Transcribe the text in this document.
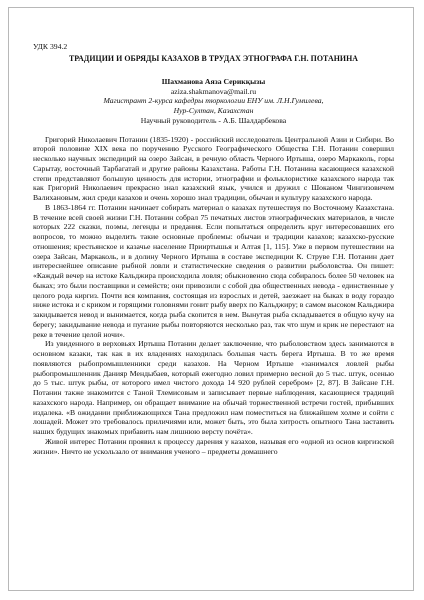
УДК 394.2
ТРАДИЦИИ И ОБРЯДЫ КАЗАХОВ В ТРУДАХ ЭТНОГРАФА Г.Н. ПОТАНИНА
Шахманова Аяза Серикқызы
aziza.shakmanova@mail.ru
Магистрант 2-курса кафедры тюркологии ЕНУ им. Л.Н.Гумилева,
Нур-Султан, Казахстан
Научный руководитель - А.Б. Шалдарбекова

Григорий Николаевич Потанин (1835-1920) - российский исследователь Центральной Азии и Сибири. Во второй половине XIX века по поручению Русского Географического Общества Г.Н. Потанин совершил несколько научных экспедиций на озеро Зайсан, в речную область Черного Иртыша, озеро Маркаколь, горы Сарытау, восточный Тарбагатай и другие районы Казахстана. Работы Г.Н. Потанина касающиеся казахской степи представляют большую ценность для истории, этнографии и фольклористике казахского народа так как Григорий Николаевич прекрасно знал казахский язык, учился и дружил с Шоканом Чингизовичем Валихановым, жил среди казахов и очень хорошо знал традиции, обычаи и культуру казахского народа.

В 1863-1864 гг. Потанин начинает собирать материал о казахах путешествуя по Восточному Казахстана. В течение всей своей жизни Г.Н. Потанин собрал 75 печатных листов этнографических материалов, в числе которых 222 сказки, поэмы, легенды и предания. Если попытаться определить круг интересовавших его вопросов, то можно выделить такие основные проблемы: обычаи и традиции казахов; казахско-русские отношения; крестьянское и казачье население Прииртышья и Алтая [1, 115]. Уже в первом путешествии на озера Зайсан, Маркаколь, и в долину Черного Иртыша в составе экспедиции К. Струве Г.Н. Потанин дает интереснейшее описание рыбной ловли и статистические сведения о развитии рыболовства. Он пишет: «Каждый вечер на истоке Кальджира происходила ловля; обыкновенно сюда собиралось более 50 человек на быках; это были поставщики и семейств; они привозили с собой два общественных невода - единственные у целого рода киргиз. Почти вся компания, состоящая из взрослых и детей, заезжает на быках в воду гораздо ниже истока и с криком и горящими головнями гонит рыбу вверх по Кальджиру; в самом высоком Кальджира закидывается невод и вынимается, когда рыба скопится в нем. Вынутая рыба складывается в общую кучу на берегу; закидывание невода и пугание рыбы повторяются несколько раз, так что шум и крик не перестают на реке в течение целой ночи».

Из увиденного в верховьях Иртыша Потанин делает заключение, что рыболовством здесь занимаются в основном казаки, так как в их владениях находилась большая часть берега Иртыша. В то же время появляются рыбопромышленники среди казахов. На Черном Иртыше «занимался ловлей рыбы рыбопромышленник Данияр Мендыбаев, который ежегодно ловил примерно весной до 5 тыс. штук, осенью до 5 тыс. штук рыбы, от которого имел чистого дохода 14 920 рублей серебром» [2, 87]. В Зайсане Г.Н. Потанин также знакомится с Таной Тлемисовым и записывает первые наблюдения, касающиеся традиций казахского народа. Например, он обращает внимание на обычай торжественной встречи гостей, прибывших издалека. «В ожидании приближающихся Тана предложил нам поместиться на ближайшем холме и сойти с лошадей. Может это требовалось приличиями или, может быть, это была хитрость опытного Тана заставить наших будущих знакомых прибавить нам лишнюю версту почёта».

Живой интерес Потанин проявил к процессу дарения у казахов, называя его «одной из основ киргизской жизни». Ничто не ускользало от внимания ученого – предметы домашнего
